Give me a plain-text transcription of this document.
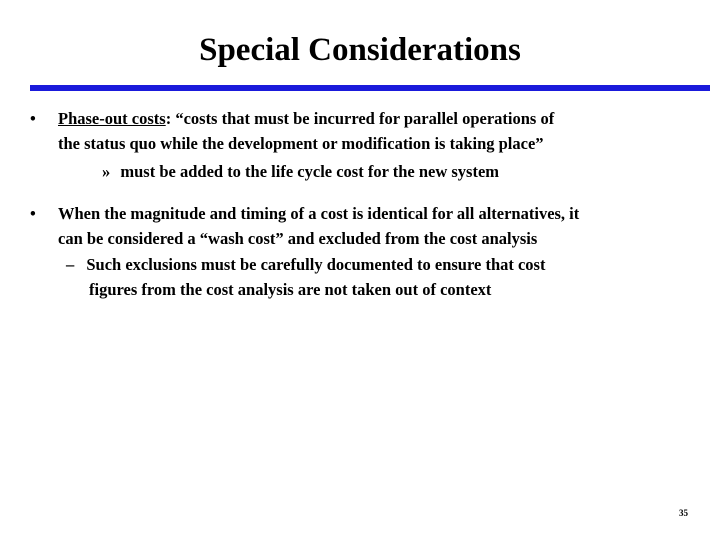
Special Considerations
•	Phase-out costs: “costs that must be incurred for parallel operations of
the status quo while the development or modification is taking place”
» must be added to the life cycle cost for the new system
•	When the magnitude and timing of a cost is identical for all alternatives, it
can be considered a “wash cost” and excluded from the cost analysis
– Such exclusions must be carefully documented to ensure that cost
figures from the cost analysis are not taken out of context
35
